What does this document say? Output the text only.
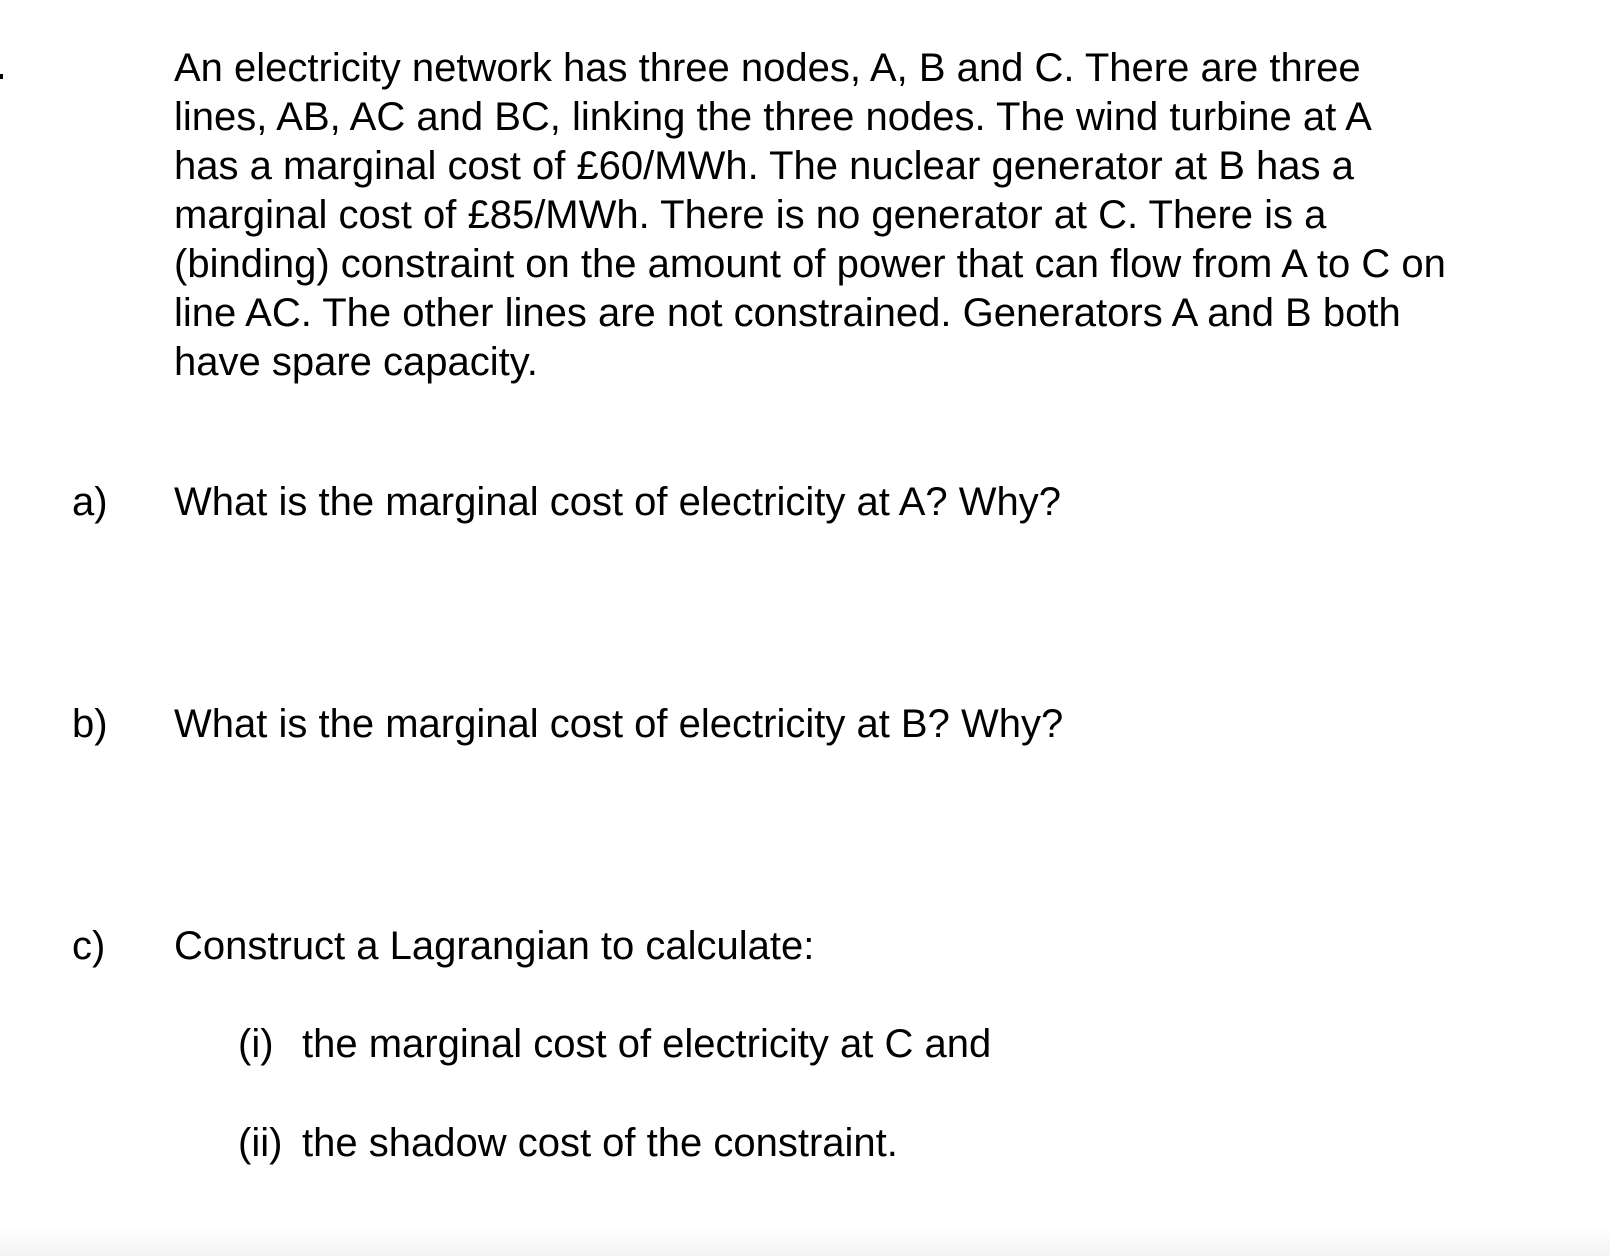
An electricity network has three nodes, A, B and C. There are three
lines, AB, AC and BC, linking the three nodes. The wind turbine at A
has a marginal cost of £60/MWh. The nuclear generator at B has a
marginal cost of £85/MWh. There is no generator at C. There is a
(binding) constraint on the amount of power that can flow from A to C on
line AC. The other lines are not constrained. Generators A and B both
have spare capacity.

a) What is the marginal cost of electricity at A? Why?
b) What is the marginal cost of electricity at B? Why?
c) Construct a Lagrangian to calculate:
(i) the marginal cost of electricity at C and
(ii) the shadow cost of the constraint.
